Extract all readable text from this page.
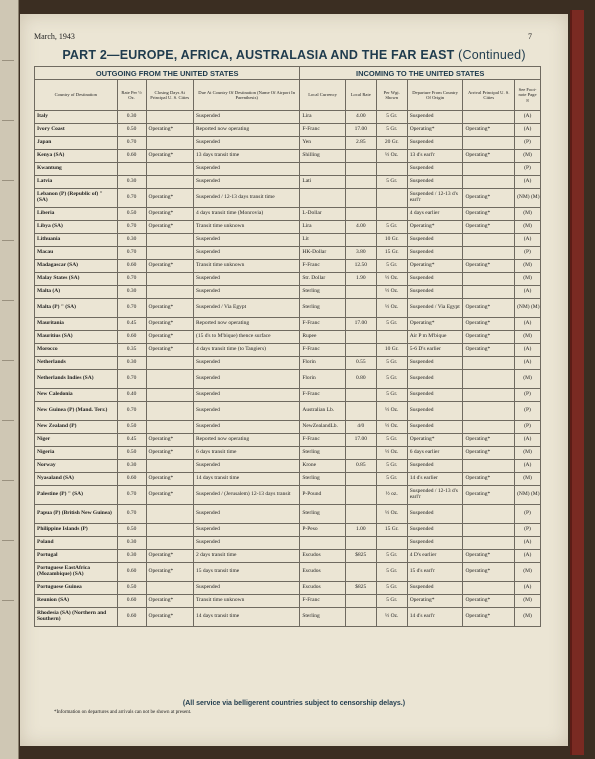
March, 1943	7
PART 2—EUROPE, AFRICA, AUSTRALASIA AND THE FAR EAST (Continued)
OUTGOING FROM THE UNITED STATES				INCOMING TO THE UNITED STATES					
Country of Destination	Rate Per ½ Oz.	Closing Days At Principal U. S. Cities	Due At Country Of Destination (Name Of Airport In Parenthesis)	Local Currency	Local Rate	Per Wgt. Shown	Departure From Country Of Origin	Arrival Principal U. S. Cities	See Foot-note Page 8
Italy	0.30		Suspended	Lira	4.00	5 Gr.	Suspended		(A)
Ivory Coast	0.50	Operating*	Reported now operating	F-Franc	17.00	5 Gr.	Operating*	Operating*	(A)
Japan	0.70		Suspended	Yen	2.85	20 Gr.	Suspended		(P)
Kenya (SA)	0.60	Operating*	13 days transit time	Shilling		½ Oz.	13 d's earl'r	Operating*	(M)
Kwantung			Suspended				Suspended		(P)
Latvia	0.30		Suspended	Lati		5 Gr.	Suspended		(A)
Lebanon (P) (Republic of) " (SA)	0.70	Operating*	Suspended / 12-13 days transit time				Suspended / 12-13 d's earl'r	Operating*	(NM) (M)
Liberia	0.50	Operating*	4 days transit time (Monrovia)	L-Dollar			4 days earlier	Operating*	(M)
Libya (SA)	0.70	Operating*	Transit time unknown	Lira	4.00	5 Gr.	Operating*	Operating*	(M)
Lithuania	0.30		Suspended	Lit		10 Gr.	Suspended		(A)
Macau	0.70		Suspended	HK-Dollar	3.80	15 Gr.	Suspended		(P)
Madagascar (SA)	0.60	Operating*	Transit time unknown	F-Franc	12.50	5 Gr.	Operating*	Operating*	(M)
Malay States (SA)	0.70		Suspended	Str. Dollar	1.90	½ Oz.	Suspended		(M)
Malta (A)	0.30		Suspended	Sterling		½ Oz.	Suspended		(A)
Malta (P) " (SA)	0.70	Operating*	Suspended / Via Egypt	Sterling		½ Oz.	Suspended / Via Egypt	Operating*	(NM) (M)
Mauritania	0.45	Operating*	Reported now operating	F-Franc	17.00	5 Gr.	Operating*	Operating*	(A)
Mauritius (SA)	0.60	Operating*	(15 d's to M'bique) thence surface	Rupee			Air P m M'bique	Operating*	(M)
Morocco	0.35	Operating*	4 days transit time (to Tangiers)	F-Franc		10 Gr.	5-6 D's earlier	Operating*	(A)
Netherlands	0.30		Suspended	Florin	0.55	5 Gr.	Suspended		(A)
Netherlands Indies (SA)	0.70		Suspended	Florin	0.80	5 Gr.	Suspended		(M)
New Caledonia	0.40		Suspended	F-Franc		5 Gr.	Suspended		(P)
New Guinea (P) (Mand. Terr.)	0.70		Suspended	Australian Lb.		½ Oz.	Suspended		(P)
New Zealand (P)	0.50		Suspended	NewZealandLb.	4/0	½ Oz.	Suspended		(P)
Niger	0.45	Operating*	Reported now operating	F-Franc	17.00	5 Gr.	Operating*	Operating*	(A)
Nigeria	0.50	Operating*	6 days transit time	Sterling		½ Oz.	6 days earlier	Operating*	(M)
Norway	0.30		Suspended	Krone	0.85	5 Gr.	Suspended		(A)
Nyasaland (SA)	0.60	Operating*	14 days transit time	Sterling		5 Gr.	14 d's earlier	Operating*	(M)
Palestine (P) " (SA)	0.70	Operating*	Suspended / (Jerusalem) 12-13 days transit	P-Pound		½ oz.	Suspended / 12-13 d's earl'r	Operating*	(NM) (M)
Papua (P) (British New Guinea)	0.70		Suspended	Sterling		½ Oz.	Suspended		(P)
Philippine Islands (P)	0.50		Suspended	P-Peso	1.00	15 Gr.	Suspended		(P)
Poland	0.30		Suspended				Suspended		(A)
Portugal	0.30	Operating*	2 days transit time	Escudos	$825	5 Gr.	4 D's earlier	Operating*	(A)
Portuguese EastAfrica (Mozambique) (SA)	0.60	Operating*	15 days transit time	Escudos		5 Gr.	15 d's earl'r	Operating*	(M)
Portuguese Guinea	0.50		Suspended	Escudos	$825	5 Gr.	Suspended		(A)
Reunion (SA)	0.60	Operating*	Transit time unknown	F-Franc		5 Gr.	Operating*	Operating*	(M)
Rhodesia (SA) (Northern and Southern)	0.60	Operating*	14 days transit time	Sterling		½ Oz.	14 d's earl'r	Operating*	(M)
(All service via belligerent countries subject to censorship delays.)
*Information on departures and arrivals can not be shown at present.
